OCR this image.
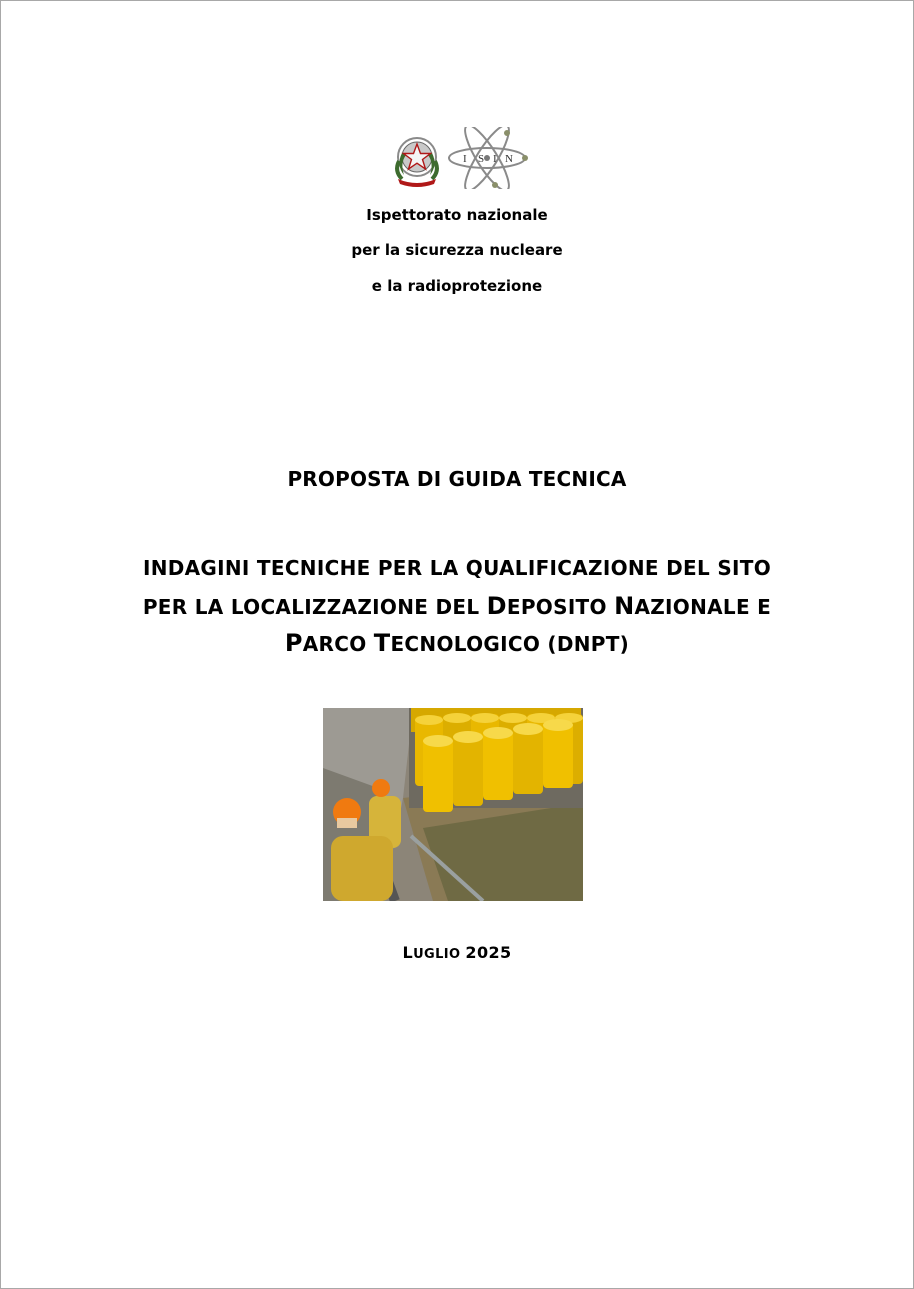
I S I N
Ispettorato nazionale
per la sicurezza nucleare
e la radioprotezione
PROPOSTA DI GUIDA TECNICA
INDAGINI TECNICHE PER LA QUALIFICAZIONE DEL SITO
PER LA LOCALIZZAZIONE DEL DEPOSITO NAZIONALE E
PARCO TECNOLOGICO (DNPT)
LUGLIO 2025
